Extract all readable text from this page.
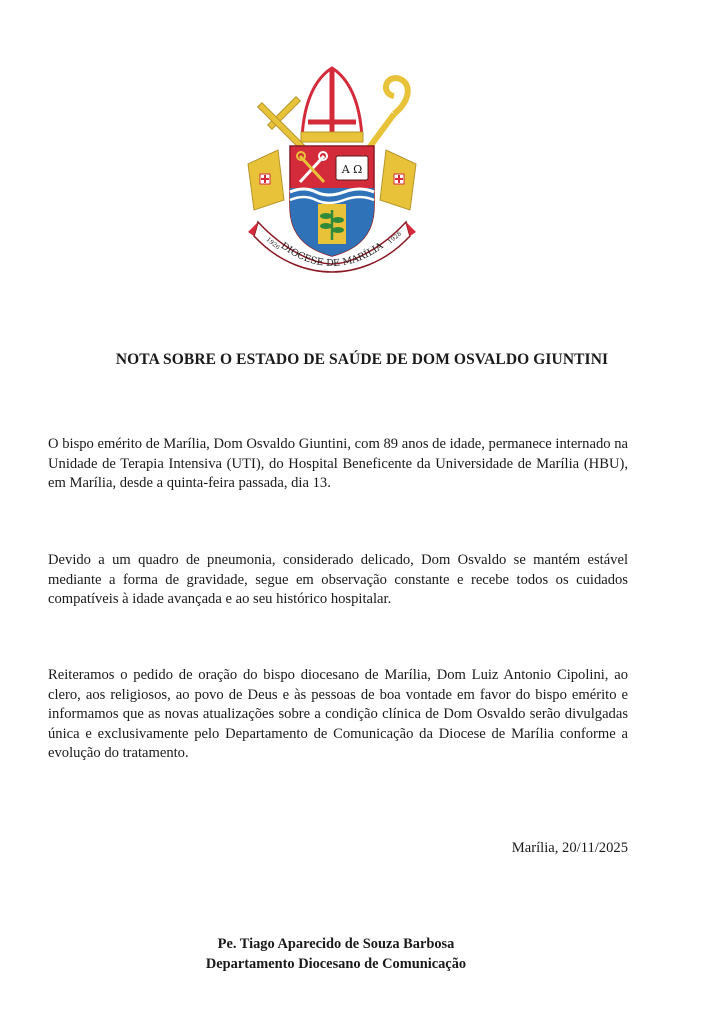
A Ω
DIOCESE DE MARÍLIA
1926	1928
NOTA SOBRE O ESTADO DE SAÚDE DE DOM OSVALDO GIUNTINI

O bispo emérito de Marília, Dom Osvaldo Giuntini, com 89 anos de idade, permanece internado na Unidade de Terapia Intensiva (UTI), do Hospital Beneficente da Universidade de Marília (HBU), em Marília, desde a quinta-feira passada, dia 13.

Devido a um quadro de pneumonia, considerado delicado, Dom Osvaldo se mantém estável mediante a forma de gravidade, segue em observação constante e recebe todos os cuidados compatíveis à idade avançada e ao seu histórico hospitalar.

Reiteramos o pedido de oração do bispo diocesano de Marília, Dom Luiz Antonio Cipolini, ao clero, aos religiosos, ao povo de Deus e às pessoas de boa vontade em favor do bispo emérito e informamos que as novas atualizações sobre a condição clínica de Dom Osvaldo serão divulgadas única e exclusivamente pelo Departamento de Comunicação da Diocese de Marília conforme a evolução do tratamento.

Marília, 20/11/2025
Pe. Tiago Aparecido de Souza Barbosa
Departamento Diocesano de Comunicação
